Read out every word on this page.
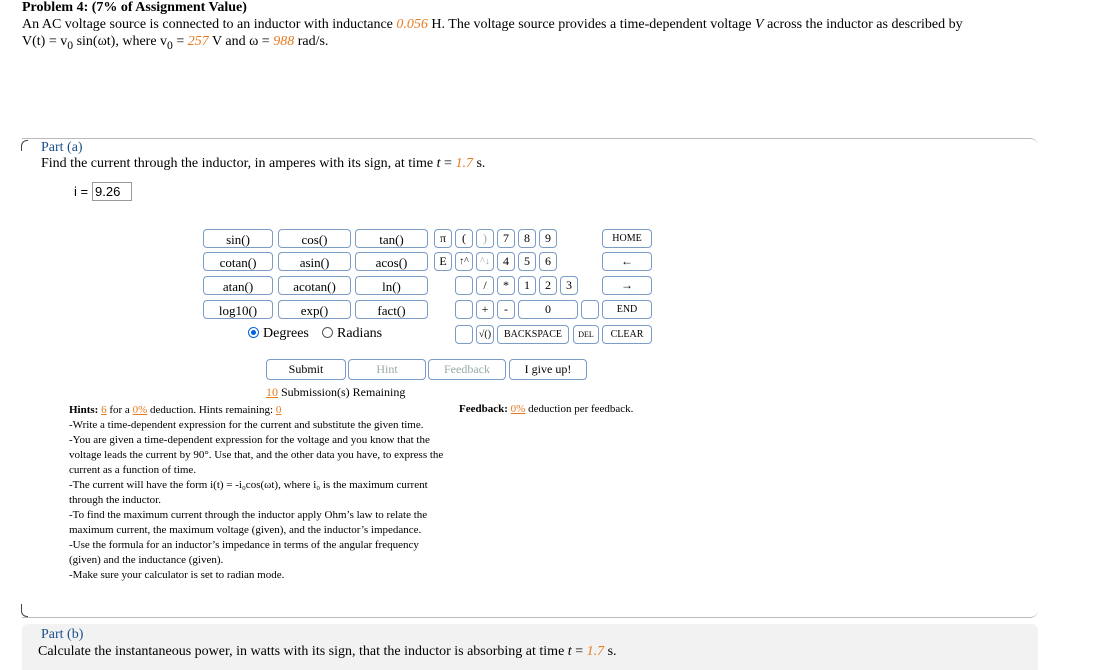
Problem 4: (7% of Assignment Value)
An AC voltage source is connected to an inductor with inductance 0.056 H. The voltage source provides a time-dependent voltage V across the inductor as described by
$V(t) = v_0$ sin(ωt), where $v_0 = 257$ V and ω = 988 rad/s.
Part (a)
Find the current through the inductor, in amperes with its sign, at time t = 1.7 s.
i = 9.26
sin()	cos()	tan()
cotan()	asin()	acos()
atan()	acotan()	ln()
log10()	exp()	fact()
Degrees	Radians
π	(	)	7	8	9	HOME
E	↑^	^↓	4	5	6	←
/	*	1	2	3	→
+	-	0	END
√()	BACKSPACE	DEL	CLEAR
Submit	Hint	Feedback	I give up!
10 Submission(s) Remaining

Hints: 6 for a 0% deduction. Hints remaining: 0

-Write a time-dependent expression for the current and substitute the given time.

-You are given a time-dependent expression for the voltage and you know that the voltage leads the current by 90°. Use that, and the other data you have, to express the current as a function of time.

-The current will have the form i(t) = -i₀cos(ωt), where i₀ is the maximum current through the inductor.

-To find the maximum current through the inductor apply Ohm’s law to relate the maximum current, the maximum voltage (given), and the inductor’s impedance.

-Use the formula for an inductor’s impedance in terms of the angular frequency (given) and the inductance (given).

-Make sure your calculator is set to radian mode.

Feedback: 0% deduction per feedback.
Part (b)
Calculate the instantaneous power, in watts with its sign, that the inductor is absorbing at time t = 1.7 s.
